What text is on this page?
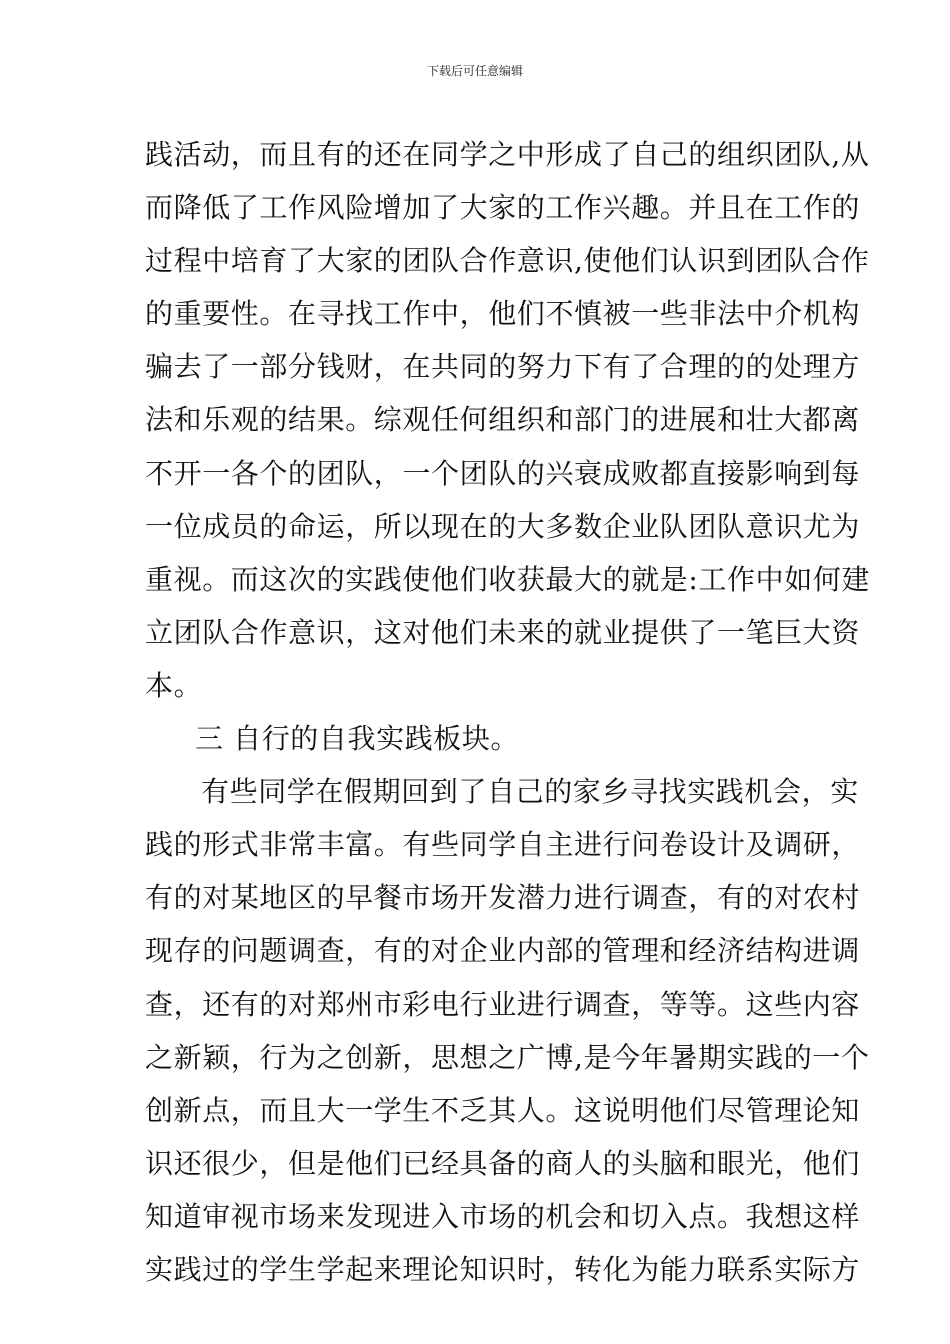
下载后可任意编辑
践活动，而且有的还在同学之中形成了自己的组织团队,从
而降低了工作风险增加了大家的工作兴趣。并且在工作的
过程中培育了大家的团队合作意识,使他们认识到团队合作
的重要性。在寻找工作中，他们不慎被一些非法中介机构
骗去了一部分钱财，在共同的努力下有了合理的的处理方
法和乐观的结果。综观任何组织和部门的进展和壮大都离
不开一各个的团队，一个团队的兴衰成败都直接影响到每
一位成员的命运，所以现在的大多数企业队团队意识尤为
重视。而这次的实践使他们收获最大的就是:工作中如何建
立团队合作意识，这对他们未来的就业提供了一笔巨大资
本。
三 自行的自我实践板块。
有些同学在假期回到了自己的家乡寻找实践机会，实
践的形式非常丰富。有些同学自主进行问卷设计及调研，
有的对某地区的早餐市场开发潜力进行调查，有的对农村
现存的问题调查，有的对企业内部的管理和经济结构进调
查，还有的对郑州市彩电行业进行调查，等等。这些内容
之新颖，行为之创新，思想之广博,是今年暑期实践的一个
创新点，而且大一学生不乏其人。这说明他们尽管理论知
识还很少，但是他们已经具备的商人的头脑和眼光，他们
知道审视市场来发现进入市场的机会和切入点。我想这样
实践过的学生学起来理论知识时，转化为能力联系实际方
